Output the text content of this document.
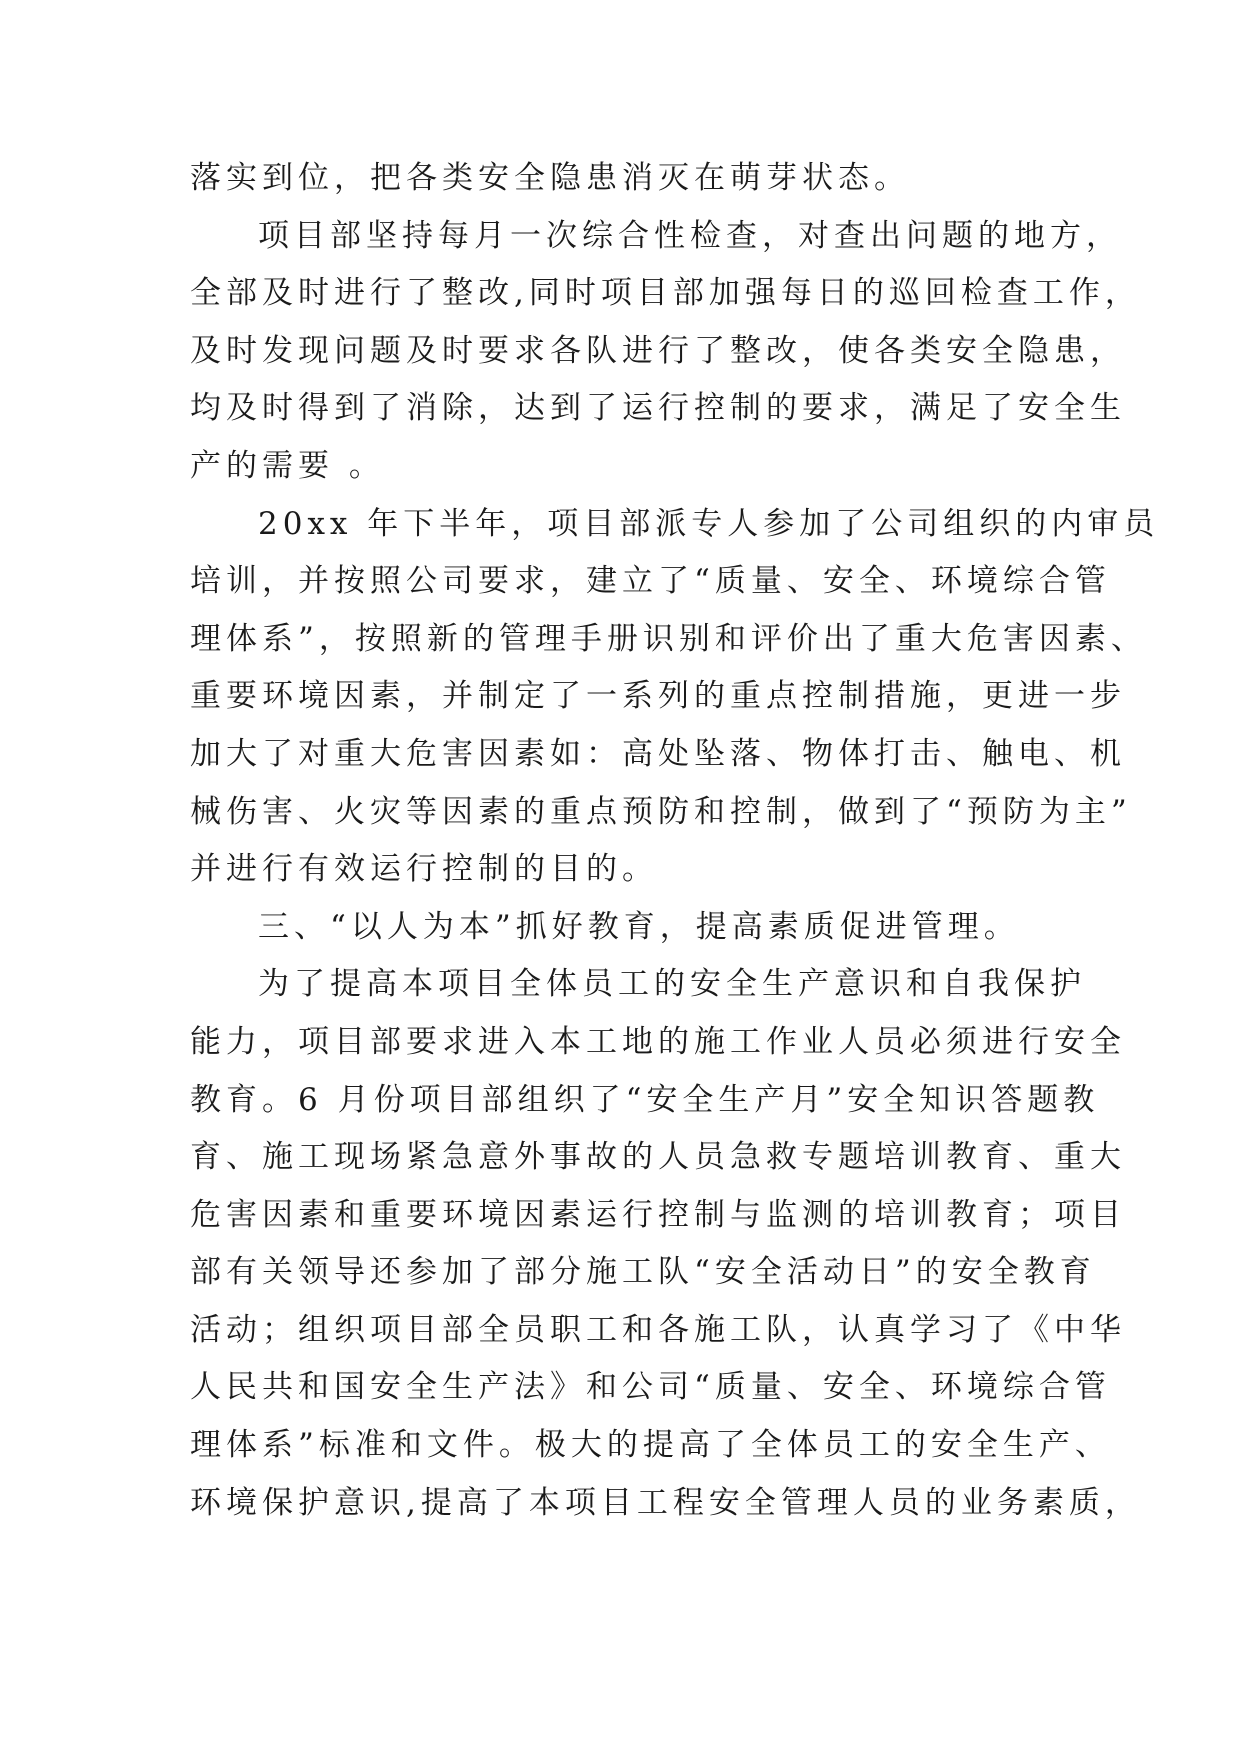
落实到位，把各类安全隐患消灭在萌芽状态。
项目部坚持每月一次综合性检查，对查出问题的地方，
全部及时进行了整改,同时项目部加强每日的巡回检查工作，
及时发现问题及时要求各队进行了整改，使各类安全隐患，
均及时得到了消除，达到了运行控制的要求，满足了安全生
产的需要 。
20xx 年下半年，项目部派专人参加了公司组织的内审员
培训，并按照公司要求，建立了“质量、安全、环境综合管
理体系”，按照新的管理手册识别和评价出了重大危害因素、
重要环境因素，并制定了一系列的重点控制措施，更进一步
加大了对重大危害因素如：高处坠落、物体打击、触电、机
械伤害、火灾等因素的重点预防和控制，做到了“预防为主”
并进行有效运行控制的目的。
三、“以人为本”抓好教育，提高素质促进管理。
为了提高本项目全体员工的安全生产意识和自我保护
能力，项目部要求进入本工地的施工作业人员必须进行安全
教育。6 月份项目部组织了“安全生产月”安全知识答题教
育、施工现场紧急意外事故的人员急救专题培训教育、重大
危害因素和重要环境因素运行控制与监测的培训教育；项目
部有关领导还参加了部分施工队“安全活动日”的安全教育
活动；组织项目部全员职工和各施工队，认真学习了《中华
人民共和国安全生产法》和公司“质量、安全、环境综合管
理体系”标准和文件。极大的提高了全体员工的安全生产、
环境保护意识,提高了本项目工程安全管理人员的业务素质，
